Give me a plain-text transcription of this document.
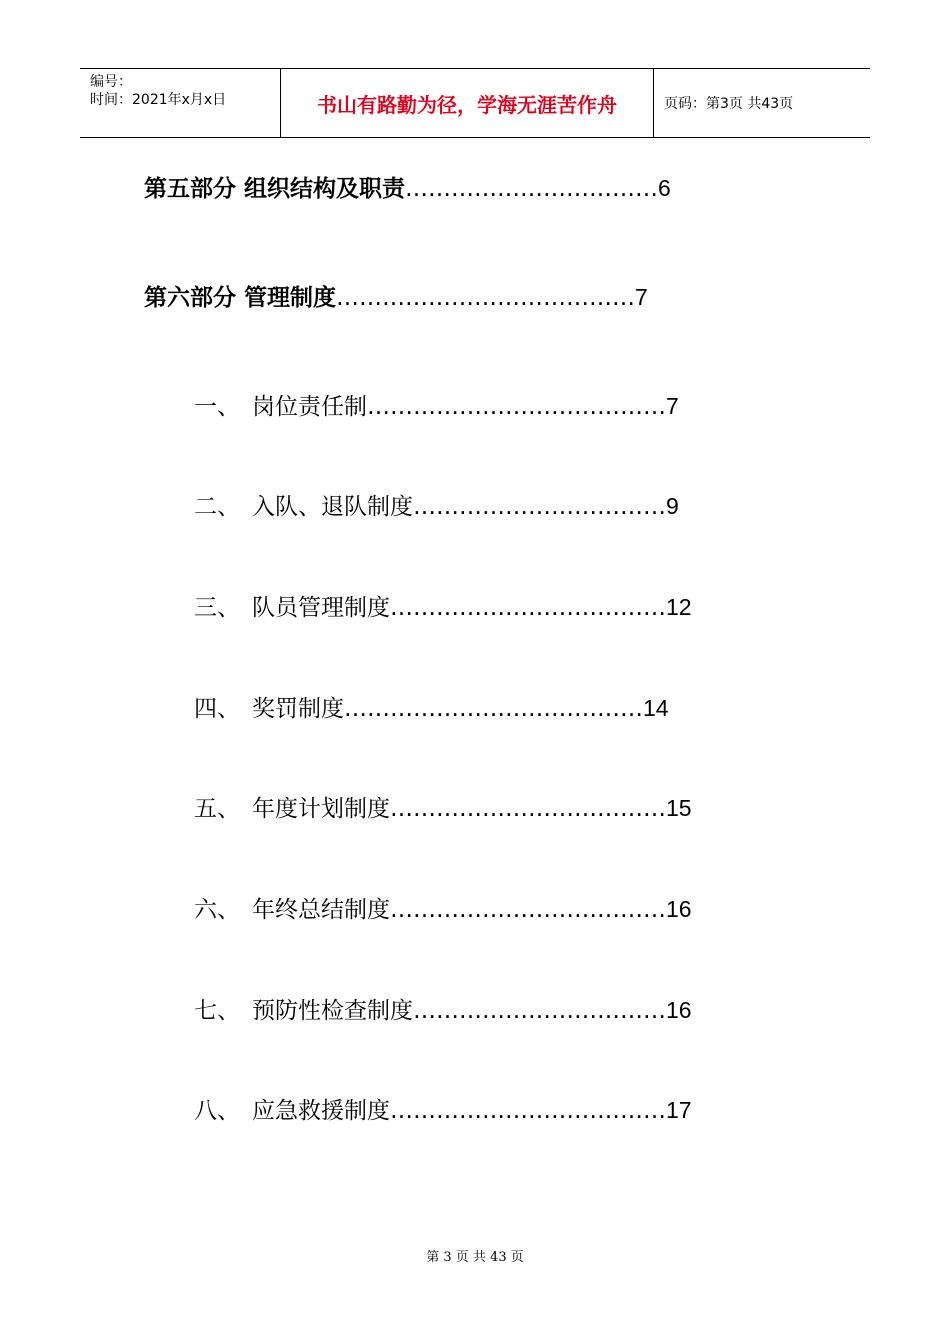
编号：
时间：2021年x月x日	书山有路勤为径，学海无涯苦作舟	页码：第3页 共43页
第五部分 组织结构及职责 …………………………… 6
第六部分 管理制度 ………………………………… 7
一、 岗位责任制 ………………………………… 7
二、 入队、退队制度 …………………………… 9
三、 队员管理制度 ……………………………… 12
四、 奖罚制度 ………………………………… 14
五、 年度计划制度 ……………………………… 15
六、 年终总结制度 ……………………………… 16
七、 预防性检查制度 …………………………… 16
八、 应急救援制度 ……………………………… 17
第 3 页 共 43 页
